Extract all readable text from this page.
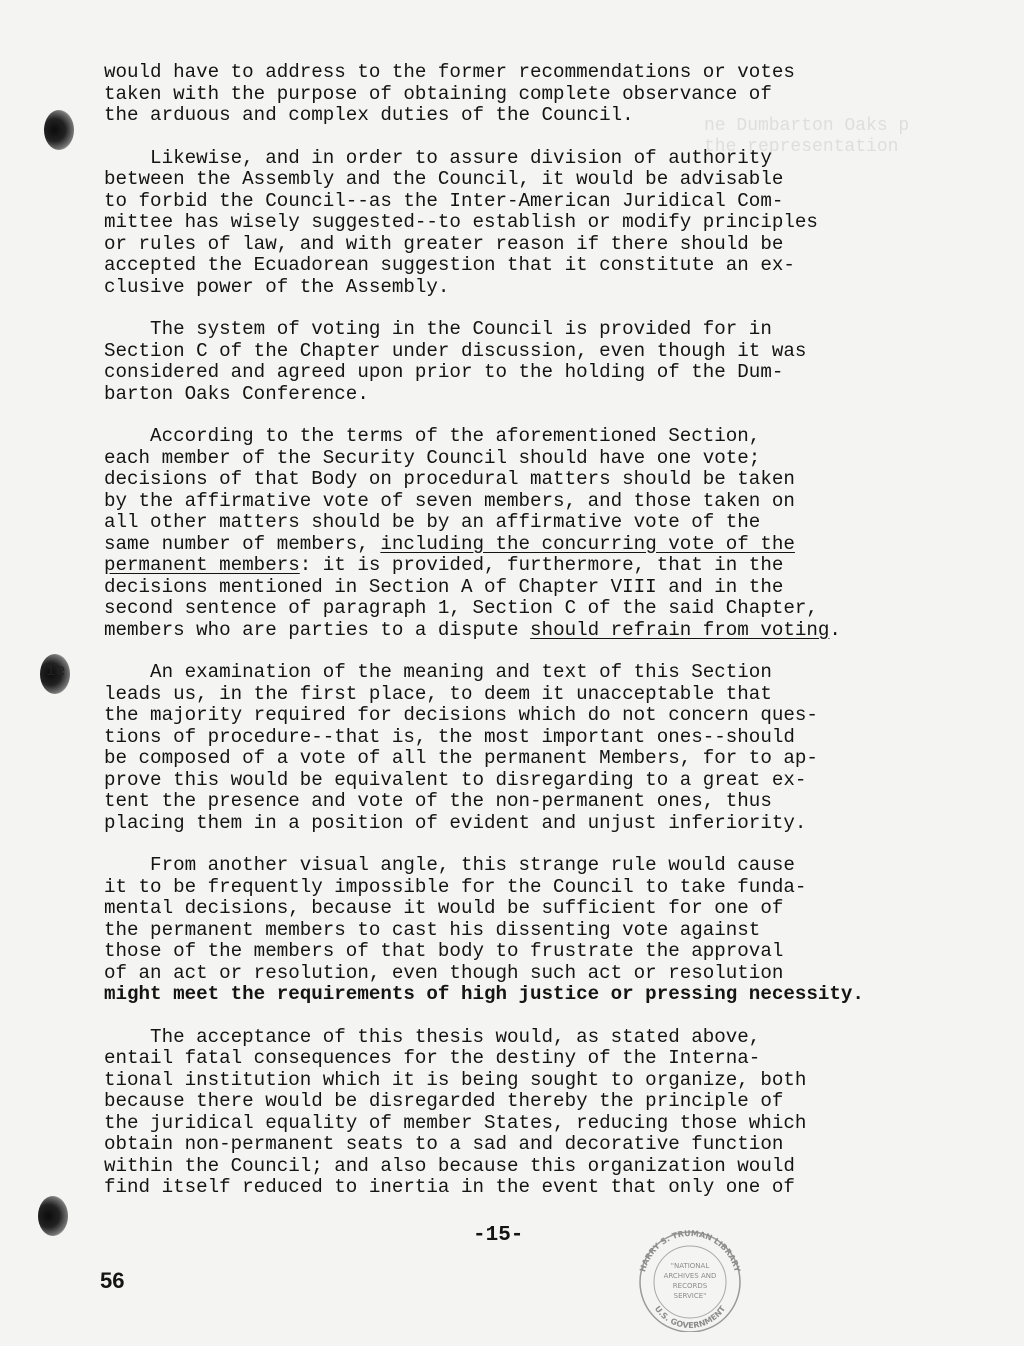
ne Dumbarton Oaks p
the representation
ie
would have to address to the former recommendations or votes
taken with the purpose of obtaining complete observance of
the arduous and complex duties of the Council.
Likewise, and in order to assure division of authority
between the Assembly and the Council, it would be advisable
to forbid the Council--as the Inter-American Juridical Com-
mittee has wisely suggested--to establish or modify principles
or rules of law, and with greater reason if there should be
accepted the Ecuadorean suggestion that it constitute an ex-
clusive power of the Assembly.
The system of voting in the Council is provided for in
Section C of the Chapter under discussion, even though it was
considered and agreed upon prior to the holding of the Dum-
barton Oaks Conference.
According to the terms of the aforementioned Section,
each member of the Security Council should have one vote;
decisions of that Body on procedural matters should be taken
by the affirmative vote of seven members, and those taken on
all other matters should be by an affirmative vote of the
same number of members, including the concurring vote of the
permanent members: it is provided, furthermore, that in the
decisions mentioned in Section A of Chapter VIII and in the
second sentence of paragraph 1, Section C of the said Chapter,
members who are parties to a dispute should refrain from voting.
An examination of the meaning and text of this Section
leads us, in the first place, to deem it unacceptable that
the majority required for decisions which do not concern ques-
tions of procedure--that is, the most important ones--should
be composed of a vote of all the permanent Members, for to ap-
prove this would be equivalent to disregarding to a great ex-
tent the presence and vote of the non-permanent ones, thus
placing them in a position of evident and unjust inferiority.
From another visual angle, this strange rule would cause
it to be frequently impossible for the Council to take funda-
mental decisions, because it would be sufficient for one of
the permanent members to cast his dissenting vote against
those of the members of that body to frustrate the approval
of an act or resolution, even though such act or resolution
might meet the requirements of high justice or pressing necessity.
The acceptance of this thesis would, as stated above,
entail fatal consequences for the destiny of the Interna-
tional institution which it is being sought to organize, both
because there would be disregarded thereby the principle of
the juridical equality of member States, reducing those which
obtain non-permanent seats to a sad and decorative function
within the Council; and also because this organization would
find itself reduced to inertia in the event that only one of
-15-
56	HARRY S. TRUMAN LIBRARY
U.S. GOVERNMENT
"NATIONAL
ARCHIVES AND
RECORDS
SERVICE"
